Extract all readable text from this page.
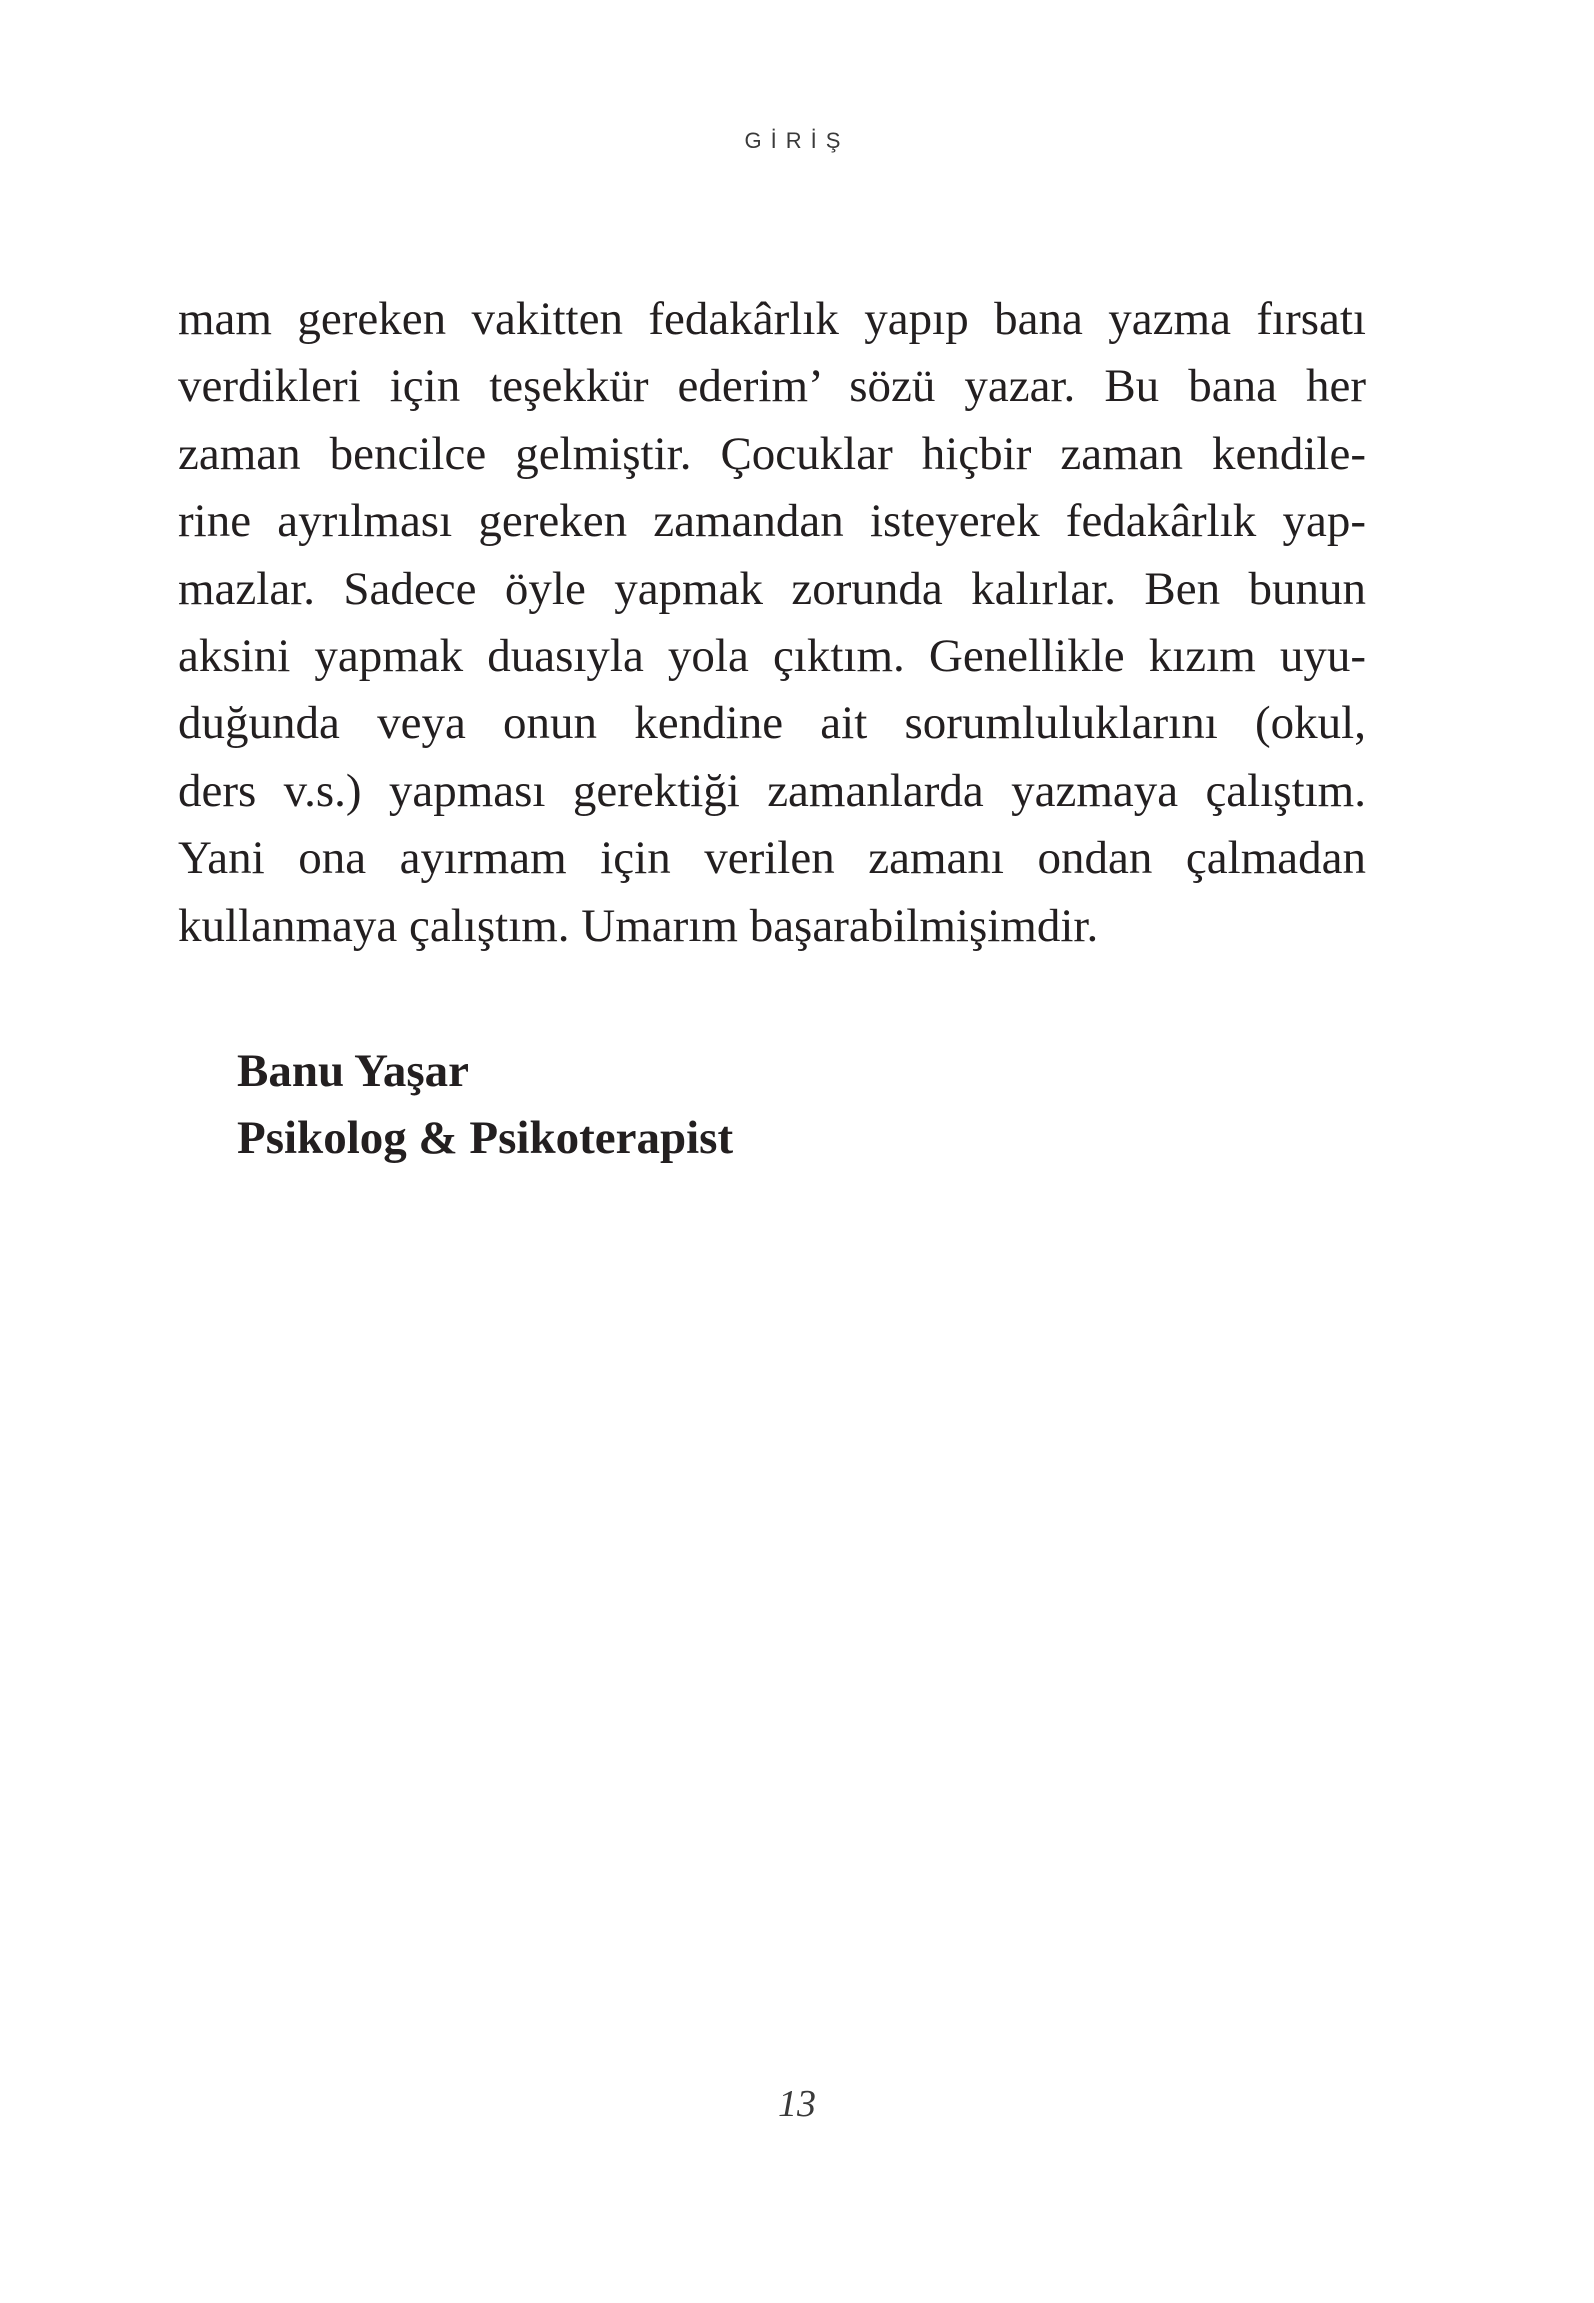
GİRİŞ
mam gereken vakitten fedakârlık yapıp bana yazma fırsatı
verdikleri için teşekkür ederim’ sözü yazar. Bu bana her
zaman bencilce gelmiştir. Çocuklar hiçbir zaman kendile-
rine ayrılması gereken zamandan isteyerek fedakârlık yap-
mazlar. Sadece öyle yapmak zorunda kalırlar. Ben bunun
aksini yapmak duasıyla yola çıktım. Genellikle kızım uyu-
duğunda veya onun kendine ait sorumluluklarını (okul,
ders v.s.) yapması gerektiği zamanlarda yazmaya çalıştım.
Yani ona ayırmam için verilen zamanı ondan çalmadan
kullanmaya çalıştım. Umarım başarabilmişimdir.
Banu Yaşar
Psikolog & Psikoterapist
13
